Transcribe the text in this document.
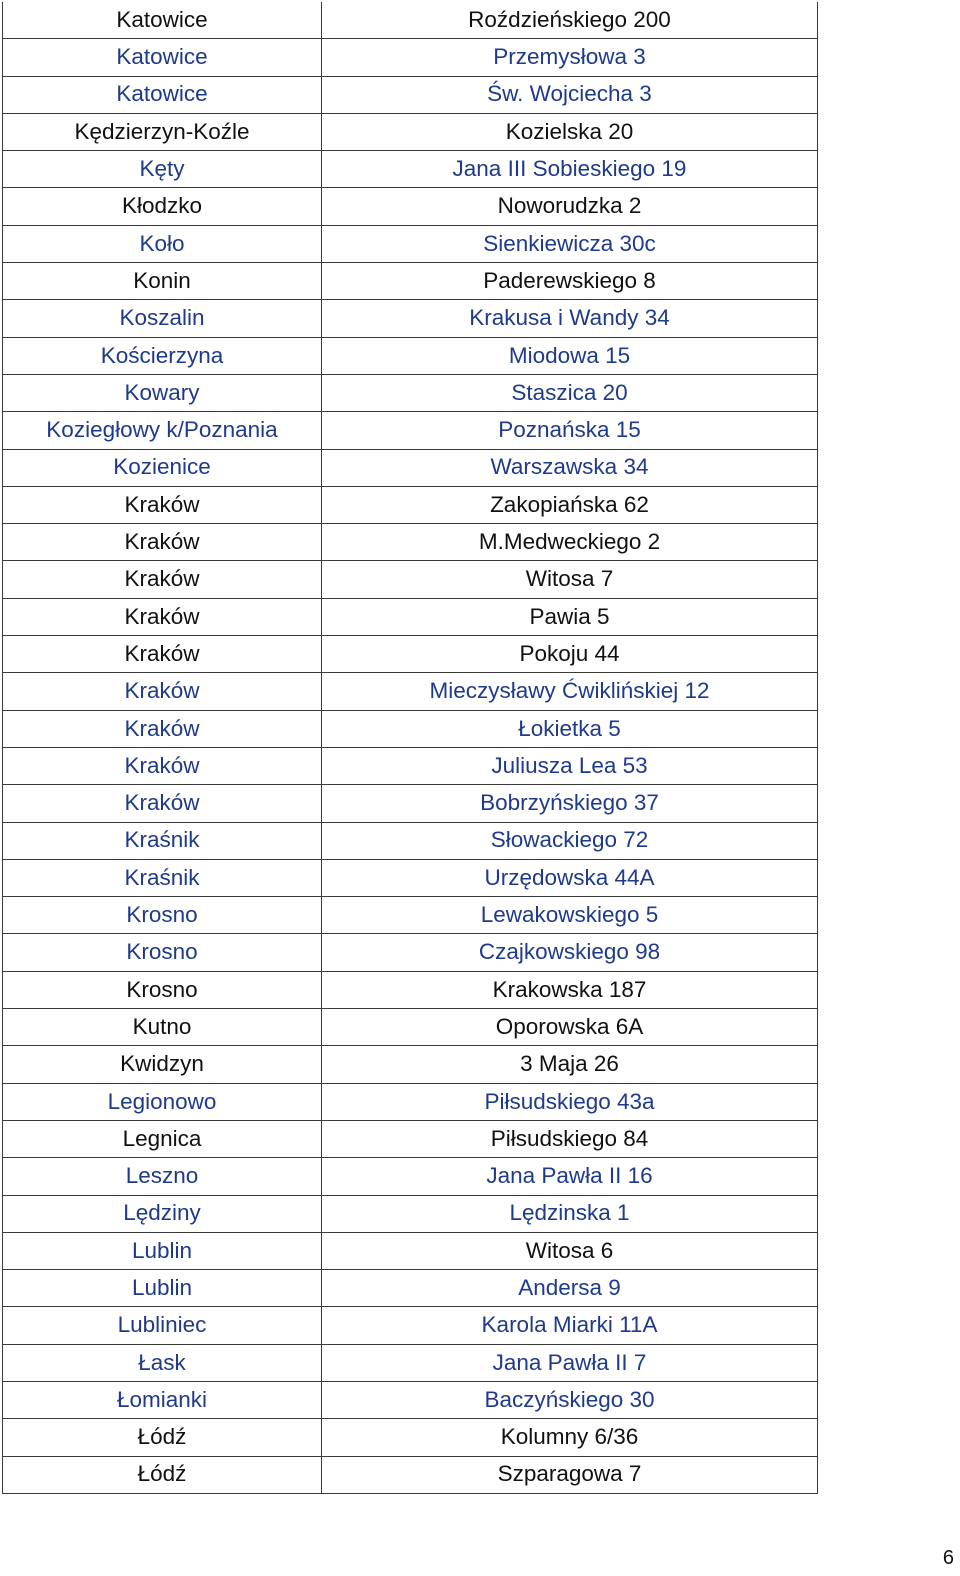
Katowice	Roździeńskiego 200
Katowice	Przemysłowa 3
Katowice	Św. Wojciecha 3
Kędzierzyn-Koźle	Kozielska 20
Kęty	Jana III Sobieskiego 19
Kłodzko	Noworudzka 2
Koło	Sienkiewicza 30c
Konin	Paderewskiego 8
Koszalin	Krakusa i Wandy 34
Kościerzyna	Miodowa 15
Kowary	Staszica 20
Koziegłowy k/Poznania	Poznańska 15
Kozienice	Warszawska 34
Kraków	Zakopiańska 62
Kraków	M.Medweckiego 2
Kraków	Witosa 7
Kraków	Pawia 5
Kraków	Pokoju 44
Kraków	Mieczysławy Ćwiklińskiej 12
Kraków	Łokietka 5
Kraków	Juliusza Lea 53
Kraków	Bobrzyńskiego 37
Kraśnik	Słowackiego 72
Kraśnik	Urzędowska 44A
Krosno	Lewakowskiego 5
Krosno	Czajkowskiego 98
Krosno	Krakowska 187
Kutno	Oporowska 6A
Kwidzyn	3 Maja 26
Legionowo	Piłsudskiego 43a
Legnica	Piłsudskiego 84
Leszno	Jana Pawła II 16
Lędziny	Lędzinska 1
Lublin	Witosa 6
Lublin	Andersa 9
Lubliniec	Karola Miarki 11A
Łask	Jana Pawła II 7
Łomianki	Baczyńskiego 30
Łódź	Kolumny 6/36
Łódź	Szparagowa 7
6
